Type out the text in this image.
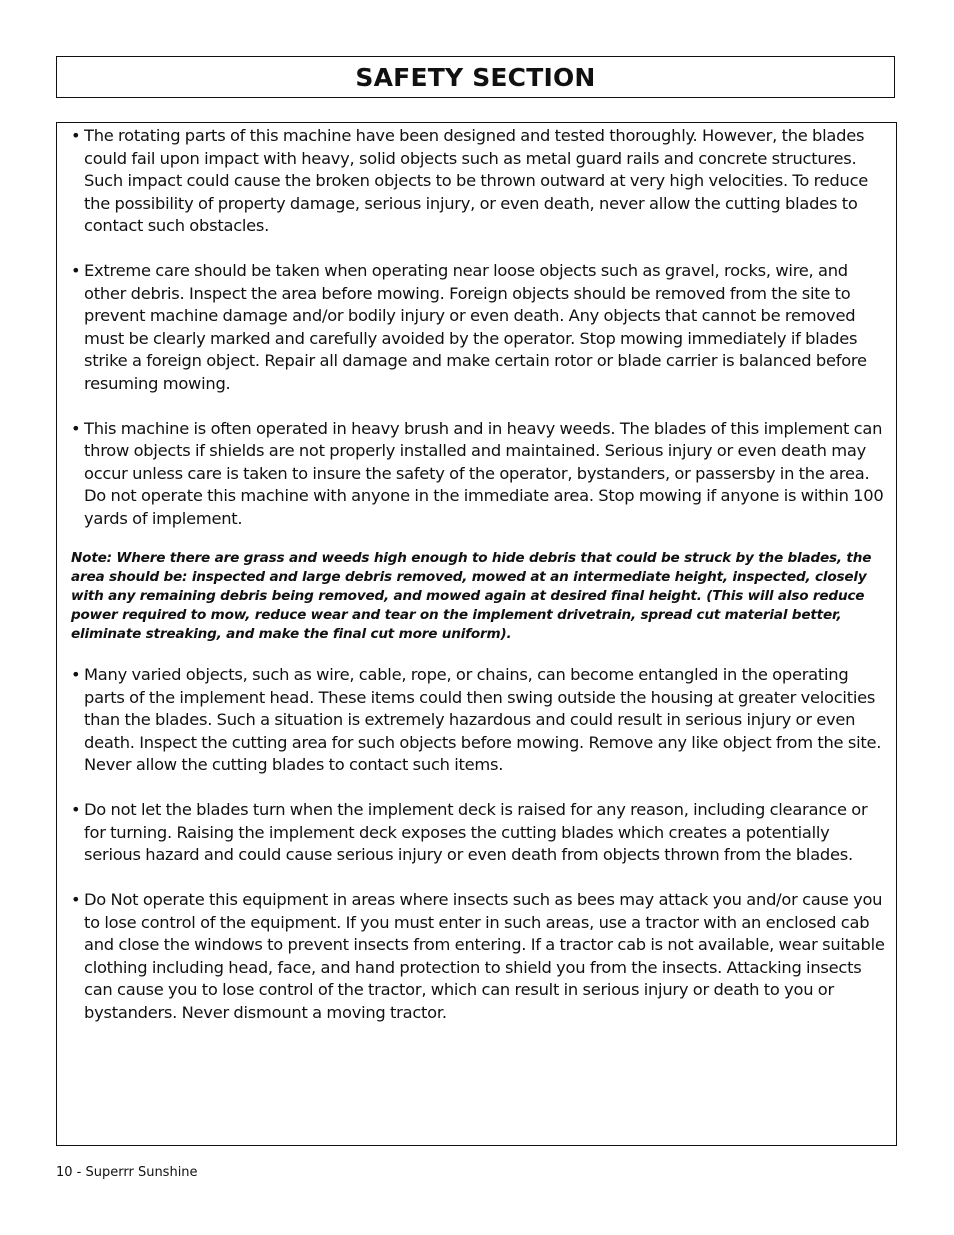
SAFETY SECTION

• The rotating parts of this machine have been designed and tested thoroughly. However, the blades could fail upon impact with heavy, solid objects such as metal guard rails and concrete structures. Such impact could cause the broken objects to be thrown outward at very high velocities. To reduce the possibility of property damage, serious injury, or even death, never allow the cutting blades to contact such obstacles.

• Extreme care should be taken when operating near loose objects such as gravel, rocks, wire, and other debris. Inspect the area before mowing. Foreign objects should be removed from the site to prevent machine damage and/or bodily injury or even death. Any objects that cannot be removed must be clearly marked and carefully avoided by the operator. Stop mowing immediately if blades strike a foreign object. Repair all damage and make certain rotor or blade carrier is balanced before resuming mowing.

• This machine is often operated in heavy brush and in heavy weeds. The blades of this implement can throw objects if shields are not properly installed and maintained. Serious injury or even death may occur unless care is taken to insure the safety of the operator, bystanders, or passersby in the area. Do not operate this machine with anyone in the immediate area. Stop mowing if anyone is within 100 yards of implement.

Note: Where there are grass and weeds high enough to hide debris that could be struck by the blades, the area should be: inspected and large debris removed, mowed at an intermediate height, inspected, closely with any remaining debris being removed, and mowed again at desired final height. (This will also reduce power required to mow, reduce wear and tear on the implement drivetrain, spread cut material better, eliminate streaking, and make the final cut more uniform).

• Many varied objects, such as wire, cable, rope, or chains, can become entangled in the operating parts of the implement head. These items could then swing outside the housing at greater velocities than the blades. Such a situation is extremely hazardous and could result in serious injury or even death. Inspect the cutting area for such objects before mowing. Remove any like object from the site. Never allow the cutting blades to contact such items.

• Do not let the blades turn when the implement deck is raised for any reason, including clearance or for turning. Raising the implement deck exposes the cutting blades which creates a potentially serious hazard and could cause serious injury or even death from objects thrown from the blades.

• Do Not operate this equipment in areas where insects such as bees may attack you and/or cause you to lose control of the equipment. If you must enter in such areas, use a tractor with an enclosed cab and close the windows to prevent insects from entering. If a tractor cab is not available, wear suitable clothing including head, face, and hand protection to shield you from the insects. Attacking insects can cause you to lose control of the tractor, which can result in serious injury or death to you or bystanders. Never dismount a moving tractor.

10 - Superrr Sunshine
